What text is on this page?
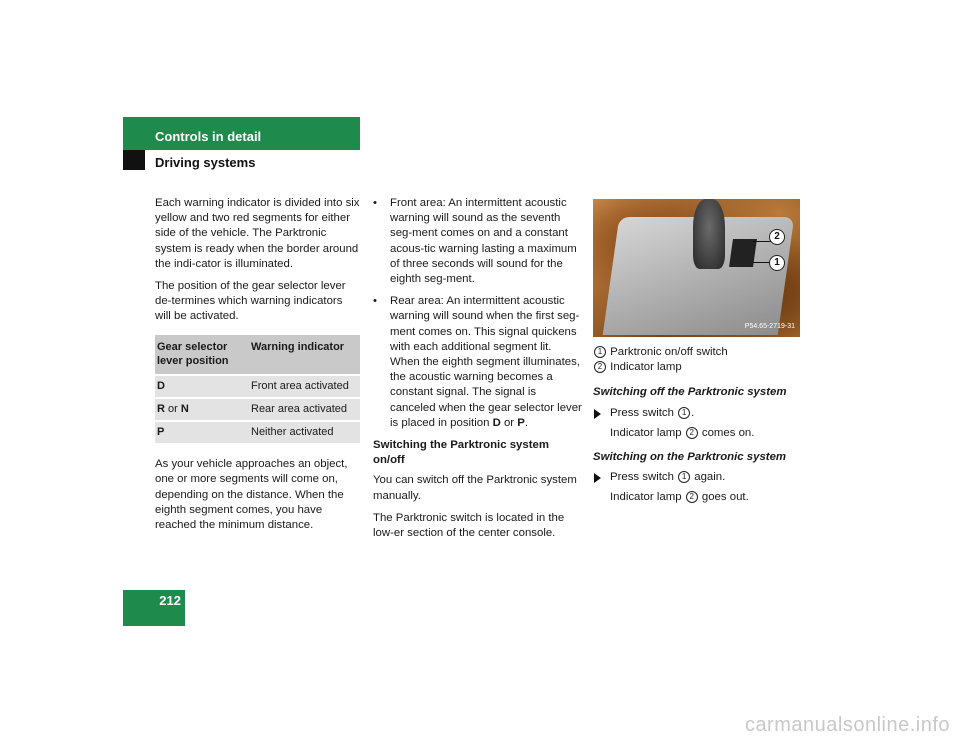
Controls in detail
Driving systems
212

Each warning indicator is divided into six yellow and two red segments for either side of the vehicle. The Parktronic system is ready when the border around the indi-cator is illuminated.

The position of the gear selector lever de-termines which warning indicators will be activated.

Gear selector lever position	Warning indicator
D	Front area activated
R or N	Rear area activated
P	Neither activated

As your vehicle approaches an object, one or more segments will come on, depending on the distance. When the eighth segment comes, you have reached the minimum distance.

• Front area: An intermittent acoustic warning will sound as the seventh seg-ment comes on and a constant acous-tic warning lasting a maximum of three seconds will sound for the eighth seg-ment.
• Rear area: An intermittent acoustic warning will sound when the first seg-ment comes on. This signal quickens with each additional segment lit. When the eighth segment illuminates, the acoustic warning becomes a constant signal. The signal is canceled when the gear selector lever is placed in position D or P.
Switching the Parktronic system on/off

You can switch off the Parktronic system manually.

The Parktronic switch is located in the low-er section of the center console.

2
1
P54.65-2719-31
1 Parktronic on/off switch
2 Indicator lamp
Switching off the Parktronic system
Press switch 1 .
Indicator lamp 2 comes on.
Switching on the Parktronic system
Press switch 1 again.
Indicator lamp 2 goes out.
carmanualsonline.info
